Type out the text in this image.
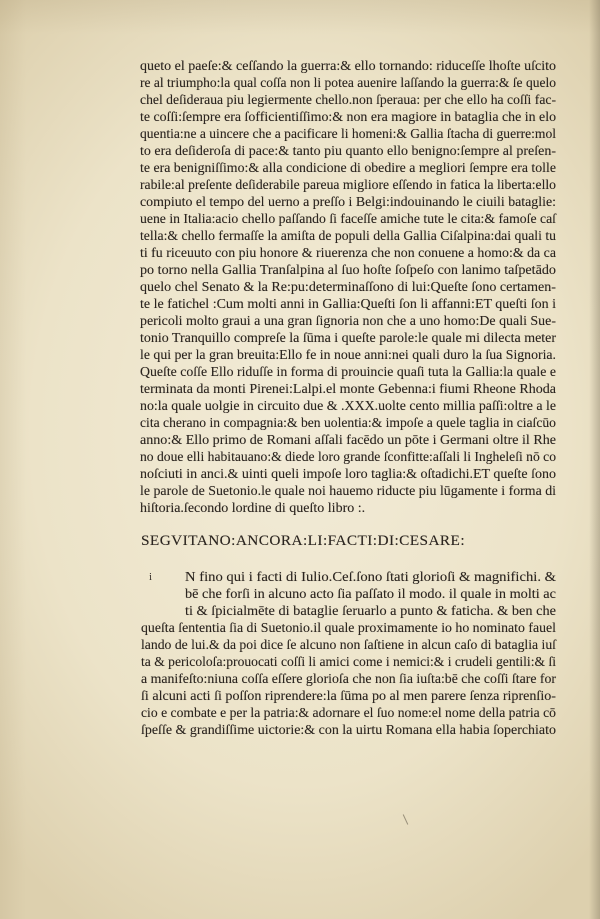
queto el paeſe:& ceſſando la guerra:& ello tornando: riduceſſe lhoſte uſcito
re al triumpho:la qual coſſa non li potea auenire laſſando la guerra:& ſe quelo
chel deſideraua piu legiermente chello.non ſperaua: per che ello ha coſſi fac-
te coſſi:ſempre era ſofficientiſſimo:& non era magiore in bataglia che in elo
quentia:ne a uincere che a pacificare li homeni:& Gallia ſtacha di guerre:mol
to era deſideroſa di pace:& tanto piu quanto ello benigno:ſempre al preſen-
te era benigniſſimo:& alla condicione di obedire a megliori ſempre era tolle
rabile:al preſente deſiderabile pareua migliore eſſendo in fatica la liberta:ello
compiuto el tempo del uerno a preſſo i Belgi:indouinando le ciuili bataglie:
uene in Italia:acio chello paſſando ſi faceſſe amiche tute le cita:& famoſe caſ
tella:& chello fermaſſe la amiſta de populi della Gallia Ciſalpina:dai quali tu
ti fu riceuuto con piu honore & riuerenza che non conuene a homo:& da ca
po torno nella Gallia Tranſalpina al ſuo hoſte ſoſpeſo con lanimo taſpetādo
quelo chel Senato & la Re:pu:determinaſſono di lui:Queſte ſono certamen-
te le fatichel :Cum molti anni in Gallia:Queſti ſon li affanni:ET queſti ſon i
pericoli molto graui a una gran ſignoria non che a uno homo:De quali Sue-
tonio Tranquillo compreſe la ſūma i queſte parole:le quale mi dilecta meter
le qui per la gran breuita:Ello fe in noue anni:nei quali duro la ſua Signoria.
Queſte coſſe Ello riduſſe in forma di prouincie quaſi tuta la Gallia:la quale e
terminata da monti Pirenei:Lalpi.el monte Gebenna:i fiumi Rheone Rhoda
no:la quale uolgie in circuito due & .XXX.uolte cento millia paſſi:oltre a le
cita cherano in compagnia:& ben uolentia:& impoſe a quele taglia in ciaſcūo
anno:& Ello primo de Romani aſſali facēdo un pōte i Germani oltre il Rhe
no doue elli habitauano:& diede loro grande ſconfitte:aſſali li Ingheleſi nō co
noſciuti in anci.& uinti queli impoſe loro taglia:& oſtadichi.ET queſte ſono
le parole de Suetonio.le quale noi hauemo riducte piu lūgamente i forma di
hiſtoria.ſecondo lordine di queſto libro :.
SEGVITANO:ANCORA:LI:FACTI:DI:CESARE:
i N fino qui i facti di Iulio.Ceſ.ſono ſtati glorioſi & magnifichi. &
bē che forſi in alcuno acto ſia paſſato il modo. il quale in molti ac
ti & ſpicialmēte di bataglie ſeruarlo a punto & faticha. & ben che
queſta ſententia ſia di Suetonio.il quale proximamente io ho nominato fauel
lando de lui.& da poi dice ſe alcuno non ſaſtiene in alcun caſo di bataglia iuſ
ta & pericoloſa:prouocati coſſi li amici come i nemici:& i crudeli gentili:& ſi
a manifeſto:niuna coſſa eſſere glorioſa che non ſia iuſta:bē che coſſi ſtare for
ſi alcuni acti ſi poſſon riprendere:la ſūma po al men parere ſenza riprenſio-
cio e combate e per la patria:& adornare el ſuo nome:el nome della patria cō
ſpeſſe & grandiſſime uictorie:& con la uirtu Romana ella habia ſoperchiato
